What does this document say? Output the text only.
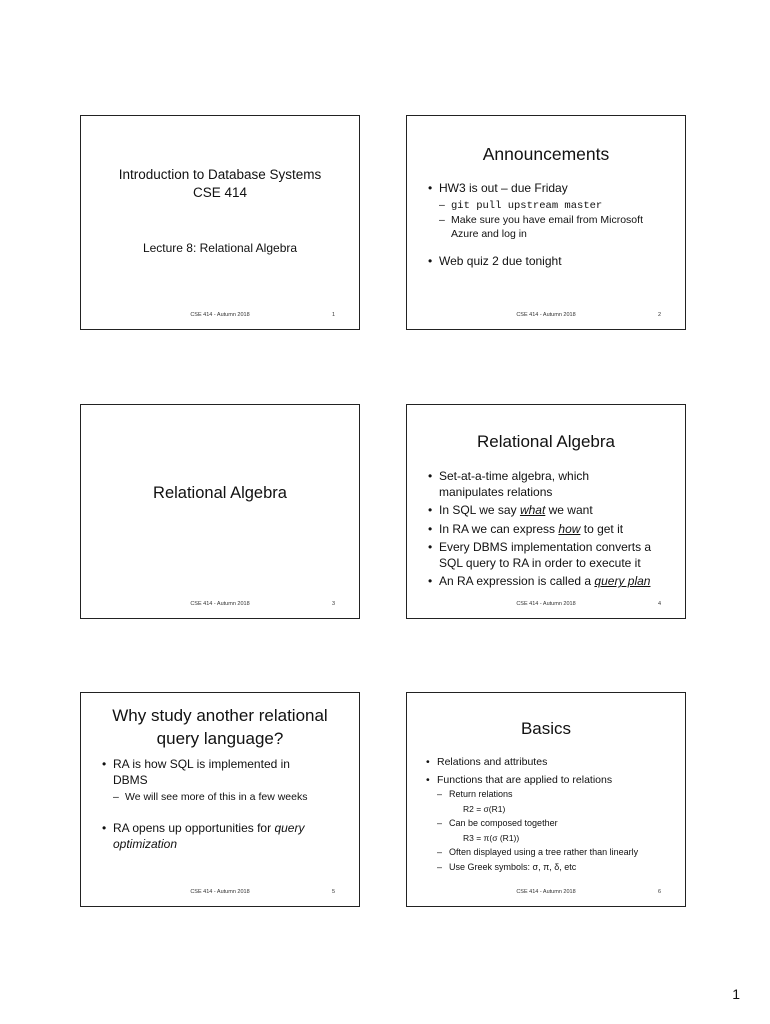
Introduction to Database Systems
CSE 414
Lecture 8: Relational Algebra
CSE 414 - Autumn 2018	1
Announcements
• HW3 is out – due Friday
– git pull upstream master
– Make sure you have email from Microsoft
Azure and log in
• Web quiz 2 due tonight
CSE 414 - Autumn 2018	2
Relational Algebra
CSE 414 - Autumn 2018	3
Relational Algebra
• Set-at-a-time algebra, which
manipulates relations
• In SQL we say what we want
• In RA we can express how to get it
• Every DBMS implementation converts a
SQL query to RA in order to execute it
• An RA expression is called a query plan
CSE 414 - Autumn 2018	4
Why study another relational
query language?
• RA is how SQL is implemented in
DBMS
– We will see more of this in a few weeks
• RA opens up opportunities for query
optimization
CSE 414 - Autumn 2018	5
Basics
• Relations and attributes
• Functions that are applied to relations
– Return relations
R2 = σ(R1)
– Can be composed together
R3 = π(σ (R1))
– Often displayed using a tree rather than linearly
– Use Greek symbols: σ, π, δ, etc
CSE 414 - Autumn 2018	6
1
